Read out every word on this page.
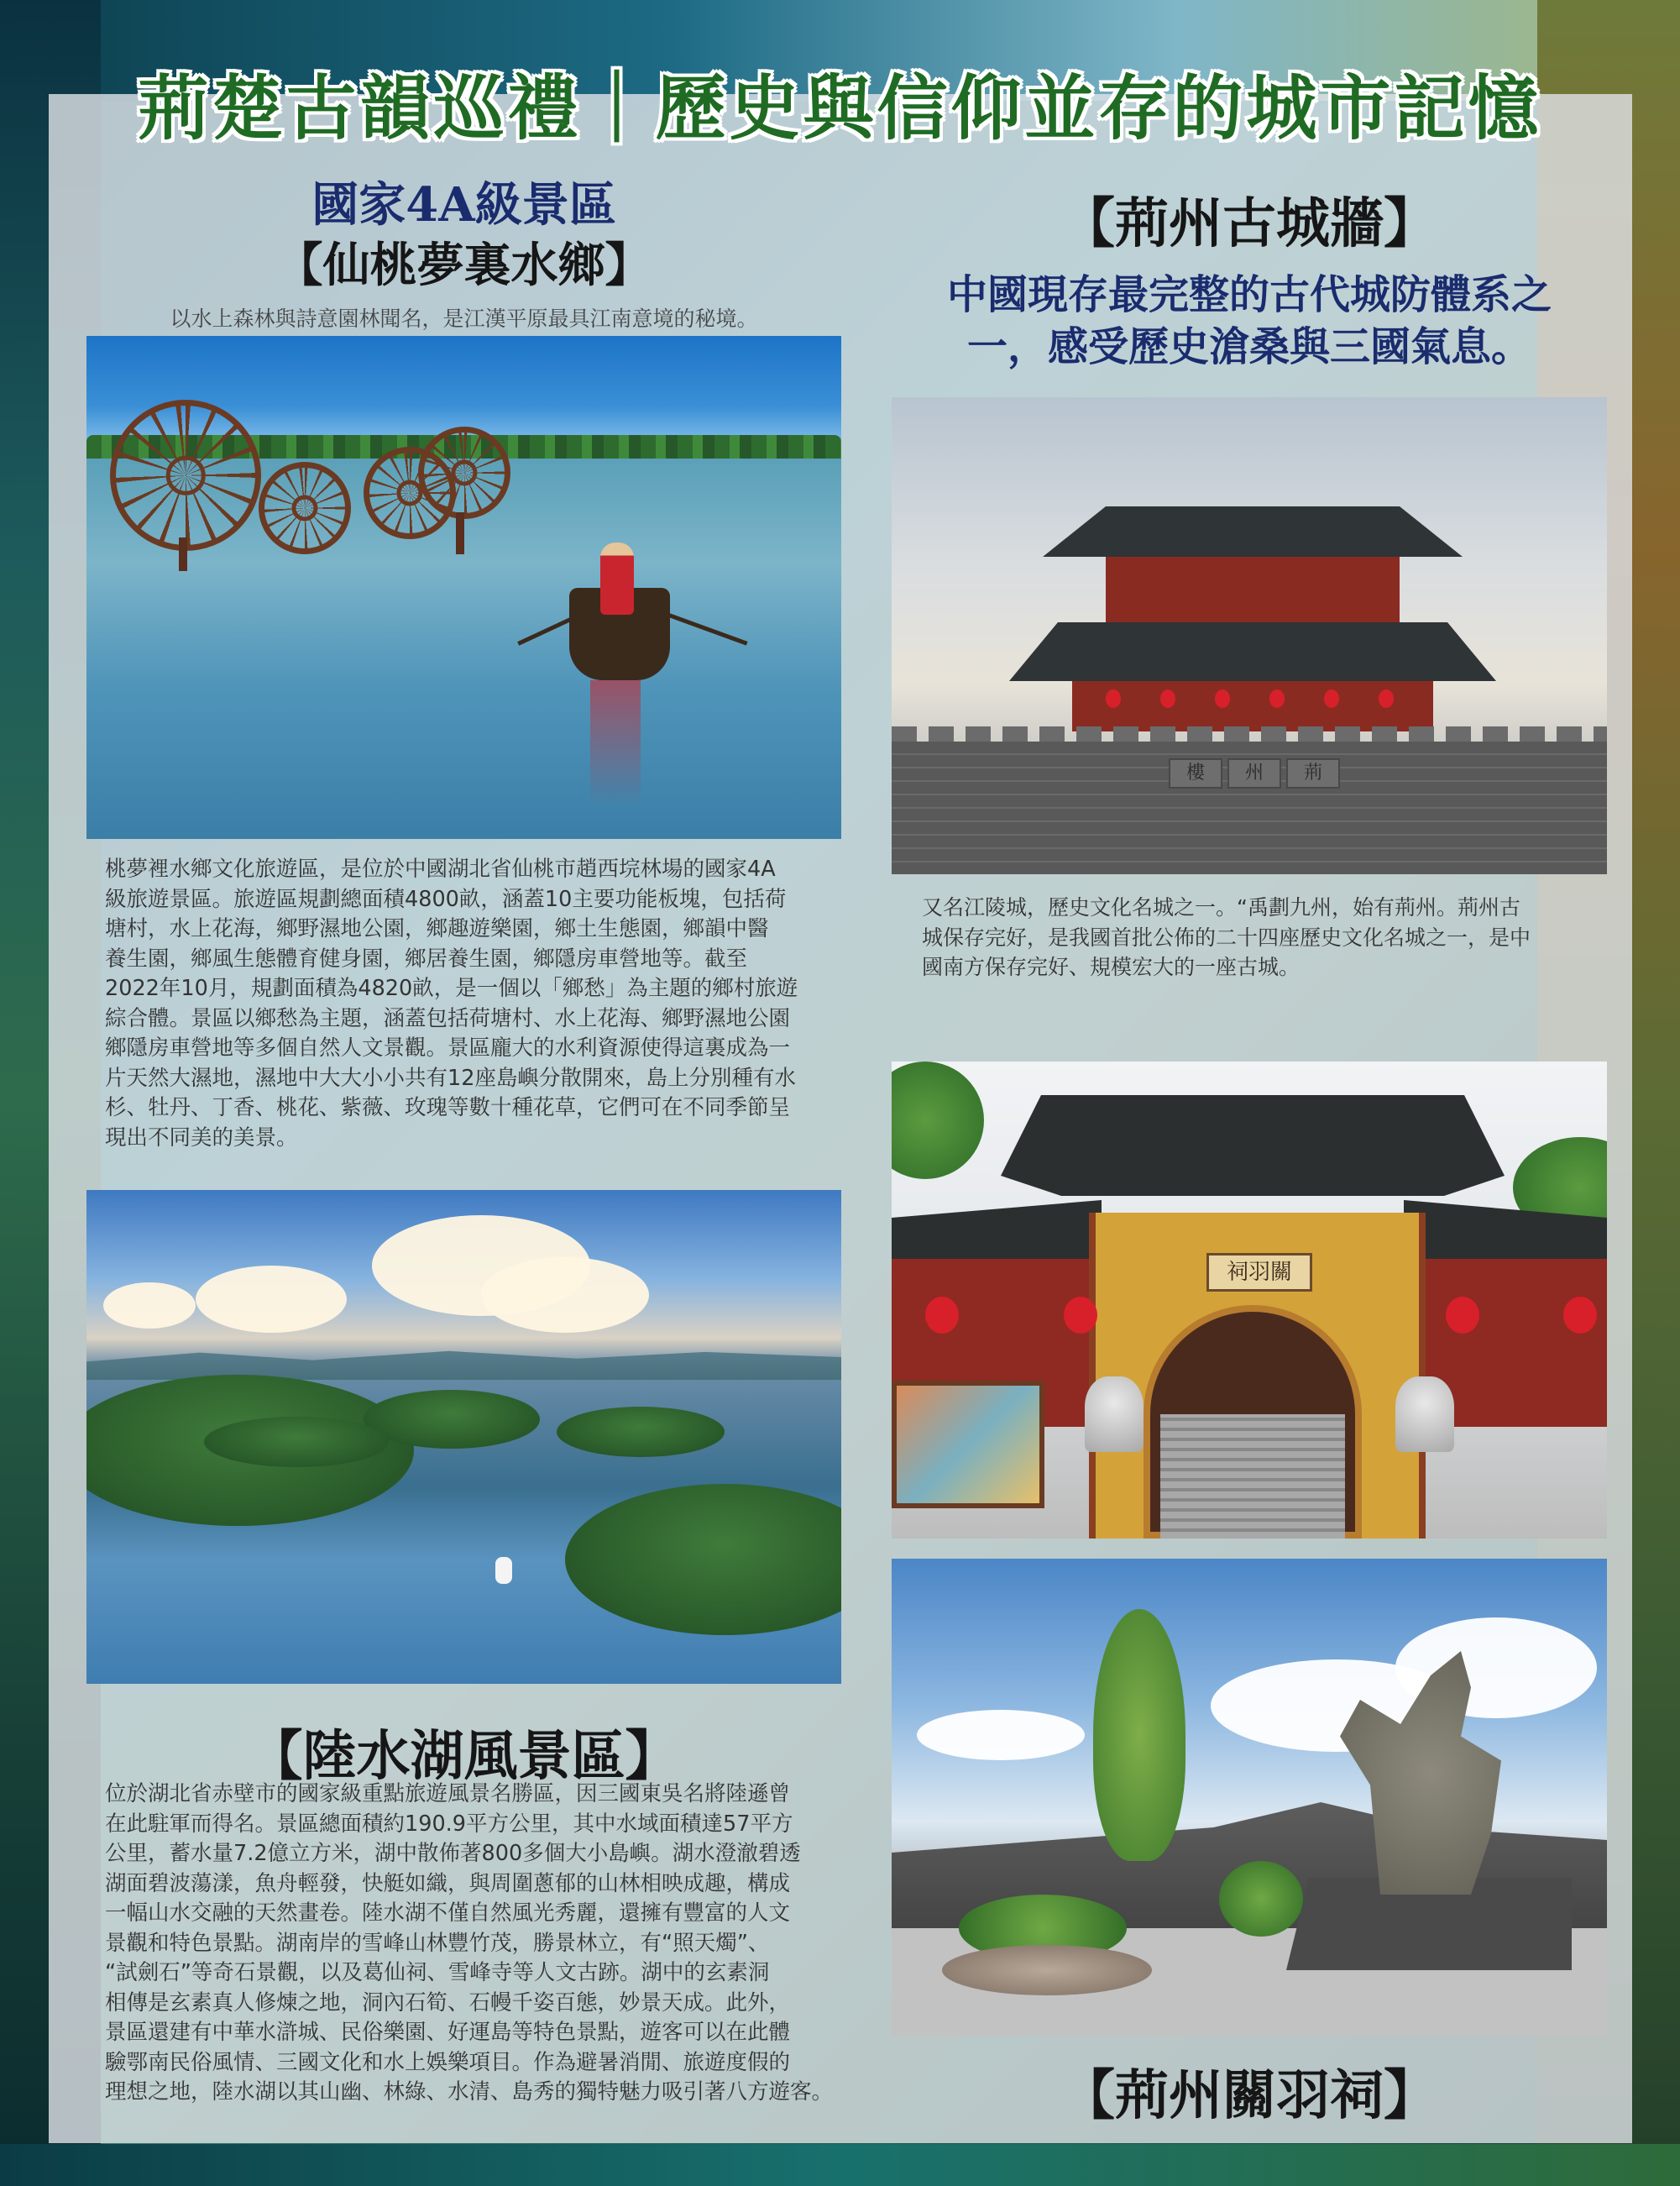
荊楚古韻巡禮｜歷史與信仰並存的城市記憶
國家4A級景區
【仙桃夢裏水鄉】
以水上森林與詩意園林聞名，是江漢平原最具江南意境的秘境。
桃夢裡水鄉文化旅遊區，是位於中國湖北省仙桃市趙西垸林場的國家4A
級旅遊景區。旅遊區規劃總面積4800畝，涵蓋10主要功能板塊，包括荷
塘村，水上花海，鄉野濕地公園，鄉趣遊樂園，鄉土生態園，鄉韻中醫
養生園，鄉風生態體育健身園，鄉居養生園，鄉隱房車營地等。截至
2022年10月，規劃面積為4820畝，是一個以「鄉愁」為主題的鄉村旅遊
綜合體。景區以鄉愁為主題，涵蓋包括荷塘村、水上花海、鄉野濕地公園
鄉隱房車營地等多個自然人文景觀。景區龐大的水利資源使得這裏成為一
片天然大濕地，濕地中大大小小共有12座島嶼分散開來，島上分別種有水
杉、牡丹、丁香、桃花、紫薇、玫瑰等數十種花草，它們可在不同季節呈
現出不同美的美景。
【陸水湖風景區】
位於湖北省赤壁市的國家級重點旅遊風景名勝區，因三國東吳名將陸遜曾
在此駐軍而得名。景區總面積約190.9平方公里，其中水域面積達57平方
公里，蓄水量7.2億立方米，湖中散佈著800多個大小島嶼。湖水澄澈碧透
湖面碧波蕩漾，魚舟輕發，快艇如織，與周圍蔥郁的山林相映成趣，構成
一幅山水交融的天然畫卷。陸水湖不僅自然風光秀麗，還擁有豐富的人文
景觀和特色景點。湖南岸的雪峰山林豐竹茂，勝景林立，有“照天燭”、
“試劍石”等奇石景觀，以及葛仙祠、雪峰寺等人文古跡。湖中的玄素洞
相傳是玄素真人修煉之地，洞內石筍、石幔千姿百態，妙景天成。此外，
景區還建有中華水滸城、民俗樂園、好運島等特色景點，遊客可以在此體
驗鄂南民俗風情、三國文化和水上娛樂項目。作為避暑消閒、旅遊度假的
理想之地，陸水湖以其山幽、林綠、水清、島秀的獨特魅力吸引著八方遊客。
【荊州古城牆】
中國現存最完整的古代城防體系之
一，感受歷史滄桑與三國氣息。
樓	州	荊
又名江陵城，歷史文化名城之一。“禹劃九州，始有荊州。荊州古
城保存完好，是我國首批公佈的二十四座歷史文化名城之一，是中
國南方保存完好、規模宏大的一座古城。
祠羽關
【荊州關羽祠】
